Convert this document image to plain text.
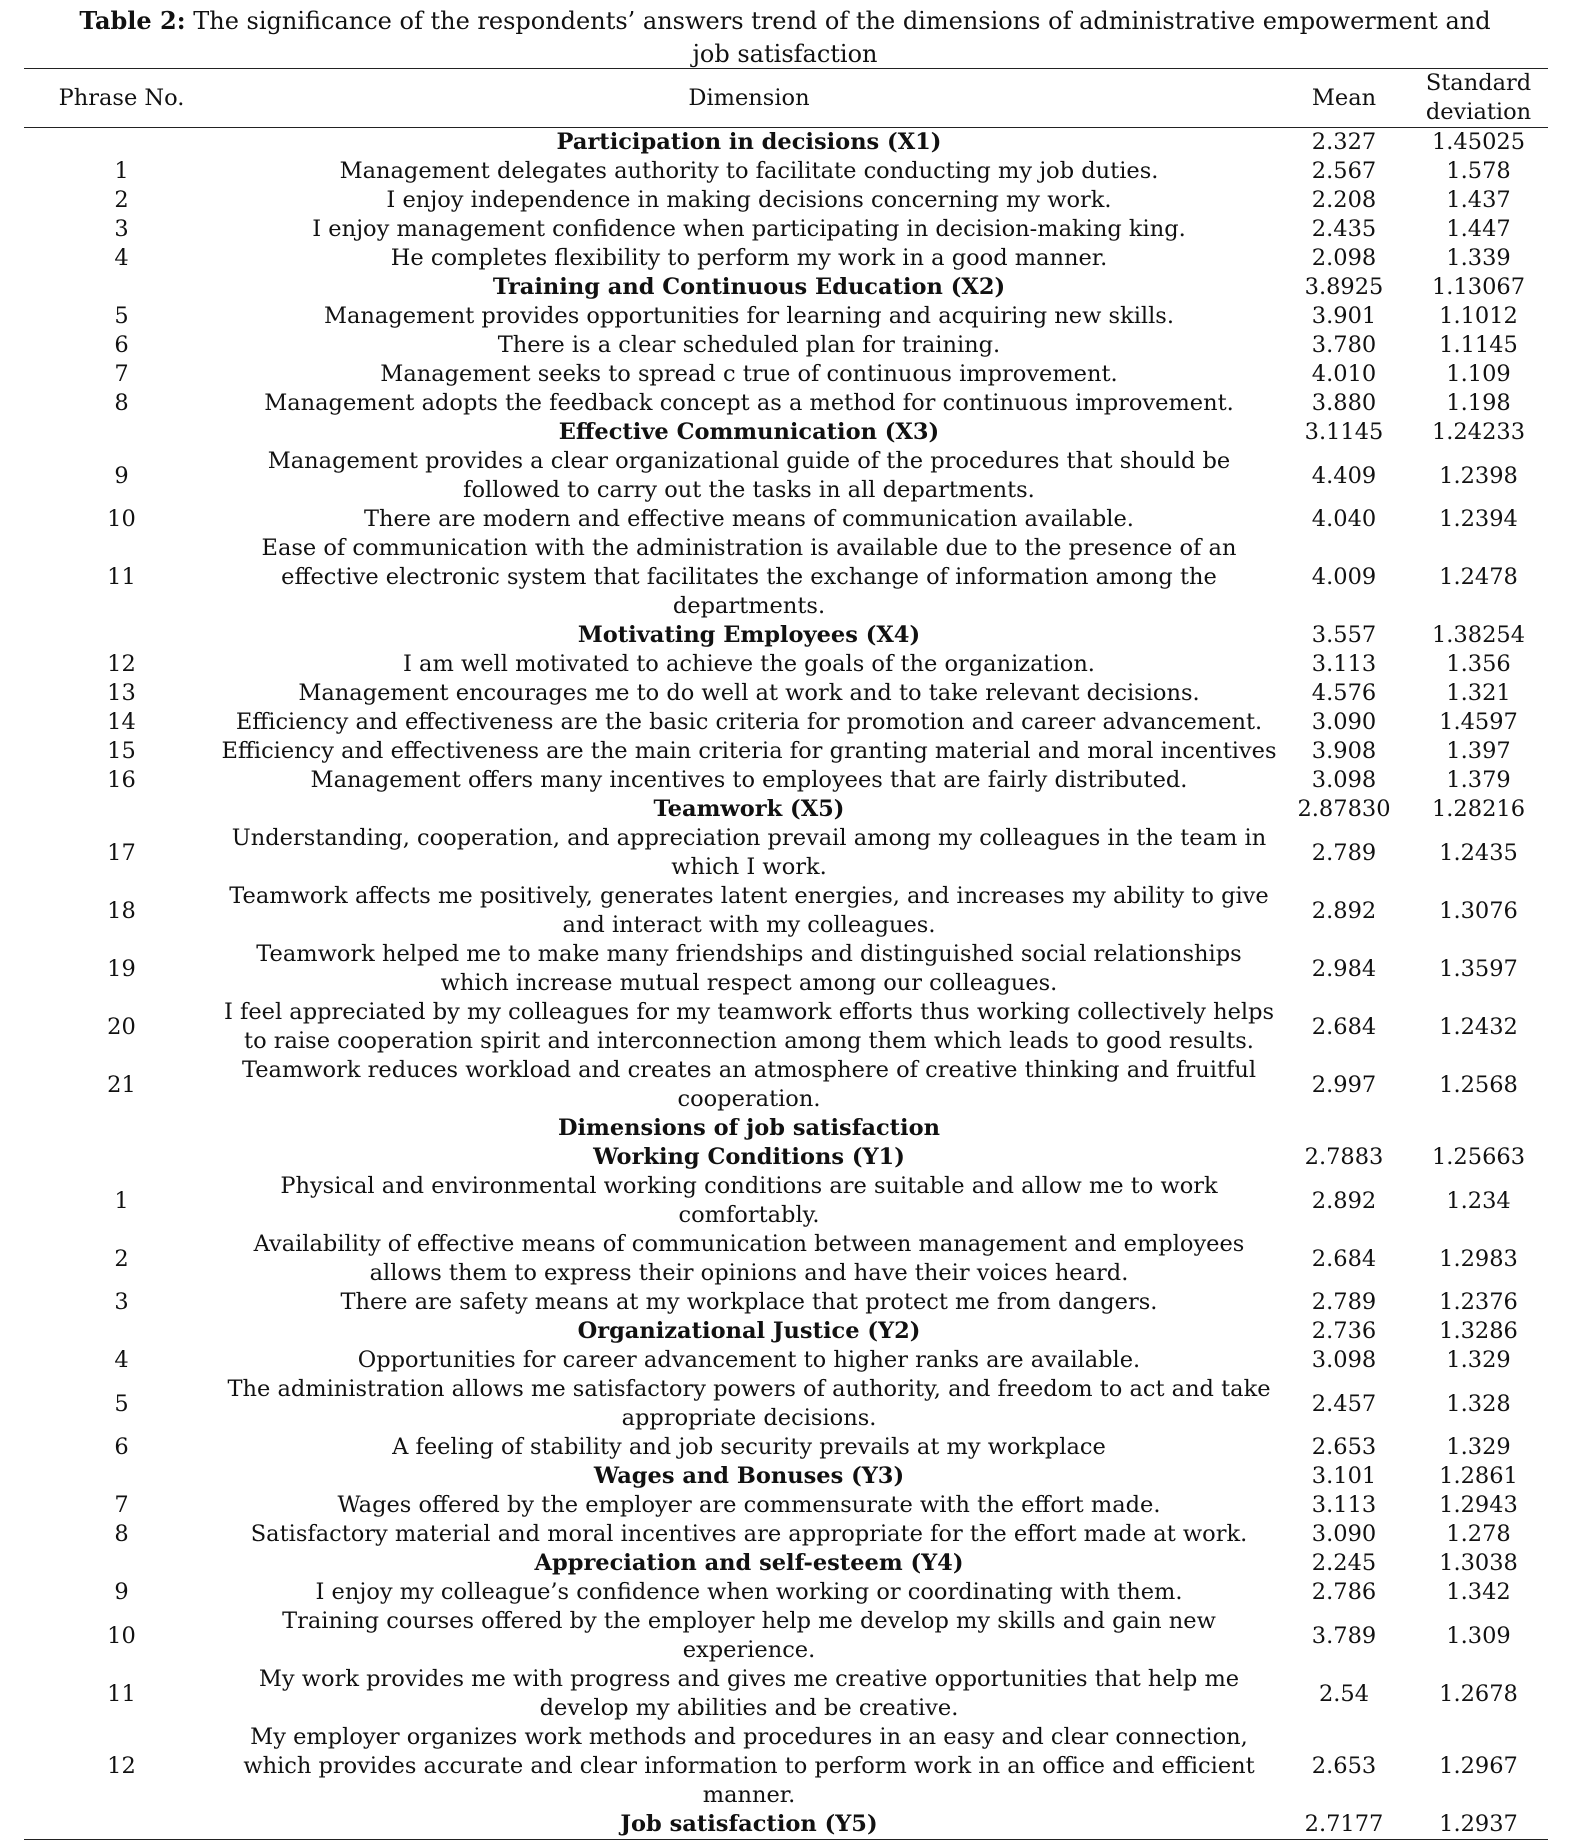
Table 2: The significance of the respondents’ answers trend of the dimensions of administrative empowerment and job satisfaction
Phrase No.	Dimension	Mean	Standard deviation
	Participation in decisions (X1)	2.327	1.45025
1	Management delegates authority to facilitate conducting my job duties.	2.567	1.578
2	I enjoy independence in making decisions concerning my work.	2.208	1.437
3	I enjoy management confidence when participating in decision-making king.	2.435	1.447
4	He completes flexibility to perform my work in a good manner.	2.098	1.339
	Training and Continuous Education (X2)	3.8925	1.13067
5	Management provides opportunities for learning and acquiring new skills.	3.901	1.1012
6	There is a clear scheduled plan for training.	3.780	1.1145
7	Management seeks to spread c true of continuous improvement.	4.010	1.109
8	Management adopts the feedback concept as a method for continuous improvement.	3.880	1.198
	Effective Communication (X3)	3.1145	1.24233
9	Management provides a clear organizational guide of the procedures that should be followed to carry out the tasks in all departments.	4.409	1.2398
10	There are modern and effective means of communication available.	4.040	1.2394
11	Ease of communication with the administration is available due to the presence of an effective electronic system that facilitates the exchange of information among the departments.	4.009	1.2478
	Motivating Employees (X4)	3.557	1.38254
12	I am well motivated to achieve the goals of the organization.	3.113	1.356
13	Management encourages me to do well at work and to take relevant decisions.	4.576	1.321
14	Efficiency and effectiveness are the basic criteria for promotion and career advancement.	3.090	1.4597
15	Efficiency and effectiveness are the main criteria for granting material and moral incentives	3.908	1.397
16	Management offers many incentives to employees that are fairly distributed.	3.098	1.379
	Teamwork (X5)	2.87830	1.28216
17	Understanding, cooperation, and appreciation prevail among my colleagues in the team in which I work.	2.789	1.2435
18	Teamwork affects me positively, generates latent energies, and increases my ability to give and interact with my colleagues.	2.892	1.3076
19	Teamwork helped me to make many friendships and distinguished social relationships which increase mutual respect among our colleagues.	2.984	1.3597
20	I feel appreciated by my colleagues for my teamwork efforts thus working collectively helps to raise cooperation spirit and interconnection among them which leads to good results.	2.684	1.2432
21	Teamwork reduces workload and creates an atmosphere of creative thinking and fruitful cooperation.	2.997	1.2568
	Dimensions of job satisfaction		
	Working Conditions (Y1)	2.7883	1.25663
1	Physical and environmental working conditions are suitable and allow me to work comfortably.	2.892	1.234
2	Availability of effective means of communication between management and employees allows them to express their opinions and have their voices heard.	2.684	1.2983
3	There are safety means at my workplace that protect me from dangers.	2.789	1.2376
	Organizational Justice (Y2)	2.736	1.3286
4	Opportunities for career advancement to higher ranks are available.	3.098	1.329
5	The administration allows me satisfactory powers of authority, and freedom to act and take appropriate decisions.	2.457	1.328
6	A feeling of stability and job security prevails at my workplace	2.653	1.329
	Wages and Bonuses (Y3)	3.101	1.2861
7	Wages offered by the employer are commensurate with the effort made.	3.113	1.2943
8	Satisfactory material and moral incentives are appropriate for the effort made at work.	3.090	1.278
	Appreciation and self-esteem (Y4)	2.245	1.3038
9	I enjoy my colleague’s confidence when working or coordinating with them.	2.786	1.342
10	Training courses offered by the employer help me develop my skills and gain new experience.	3.789	1.309
11	My work provides me with progress and gives me creative opportunities that help me develop my abilities and be creative.	2.54	1.2678
12	My employer organizes work methods and procedures in an easy and clear connection, which provides accurate and clear information to perform work in an office and efficient manner.	2.653	1.2967
	Job satisfaction (Y5)	2.7177	1.2937
